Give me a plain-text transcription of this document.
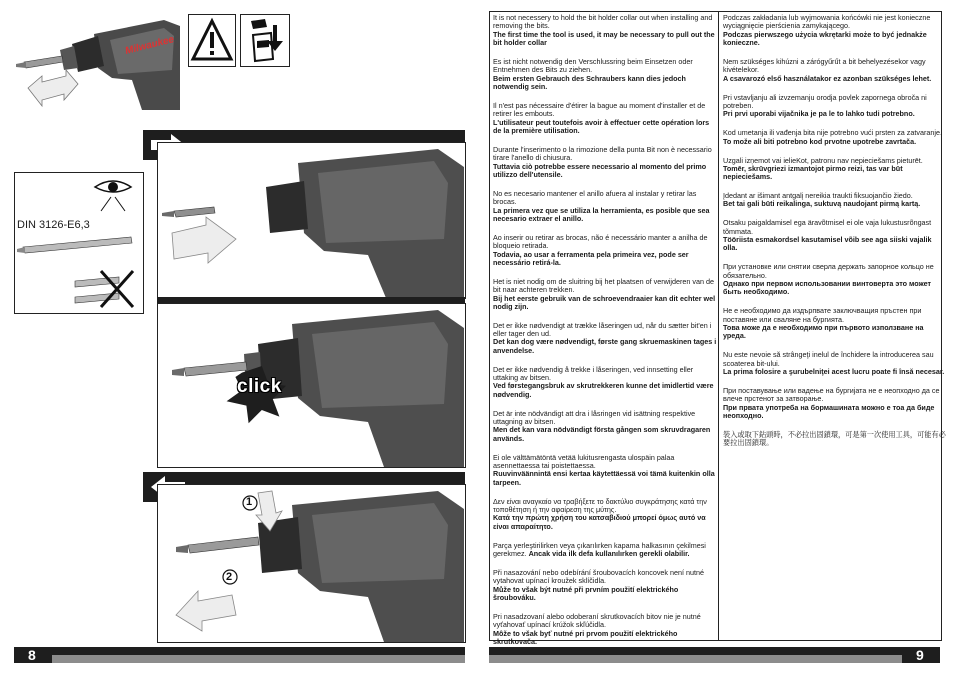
Milwaukee
DIN 3126-E6,3
click
1
2
8

It is not necessery to hold the bit holder collar out when installing and removing the bits.
The first time the tool is used, it may be necessary to pull out the bit holder collar

Es ist nicht notwendig den Verschlussring beim Einsetzen oder Entnehmen des Bits zu ziehen.
Beim ersten Gebrauch des Schraubers kann dies jedoch notwendig sein.

Il n'est pas nécessaire d'étirer la bague au moment d'installer et de retirer les embouts.
L'utilisateur peut toutefois avoir à effectuer cette opération lors de la première utilisation.

Durante l'inserimento o la rimozione della punta Bit non è necessario tirare l'anello di chiusura.
Tuttavia ciò potrebbe essere necessario al momento del primo utilizzo dell'utensile.

No es necesario mantener el anillo afuera al instalar y retirar las brocas.
La primera vez que se utiliza la herramienta, es posible que sea necesario extraer el anillo.

Ao inserir ou retirar as brocas, não é necessário manter a anilha de bloqueio retirada.
Todavia, ao usar a ferramenta pela primeira vez, pode ser necessário retirá-la.

Het is niet nodig om de sluitring bij het plaatsen of verwijderen van de bit naar achteren trekken.
Bij het eerste gebruik van de schroevendraaier kan dit echter wel nodig zijn.

Det er ikke nødvendigt at trække låseringen ud, når du sætter bit'en i eller tager den ud.
Det kan dog være nødvendigt, første gang skruemaskinen tages i anvendelse.

Det er ikke nødvendig å trekke i låseringen, ved innsetting eller uttaking av bitsen.
Ved førstegangsbruk av skrutrekkeren kunne det imidlertid være nødvendig.

Det är inte nödvändigt att dra i låsringen vid isättning respektive uttagning av bitsen.
Men det kan vara nödvändigt första gången som skruvdragaren används.

Ei ole välttämätöntä vetää lukitusrengasta ulospäin palaa asennettaessa tai poistettaessa.
Ruuvinväännintä ensi kertaa käytettäessä voi tämä kuitenkin olla tarpeen.

Δεν είναι αναγκαίο να τραβήξετε το δακτύλιο συγκράτησης κατά την τοποθέτηση ή την αφαίρεση της μύτης.
Κατά την πρώτη χρήση του κατσαβιδιού μπορεί όμως αυτό να είναι απαραίτητο.

Parça yerleştirilirken veya çıkarılırken kapama halkasının çekilmesi gerekmez. Ancak vida ilk defa kullanılırken gerekli olabilir.

Při nasazování nebo odebírání šroubovacích koncovek není nutné vytahovat upínací kroužek sklíčidla.
Může to však být nutné při prvním použití elektrického šroubováku.

Pri nasadzovaní alebo odoberaní skrutkovacích bitov nie je nutné vyťahovať upínací krúžok skľúčidla.
Môže to však byť nutné pri prvom použití elektrického skrutkovača.

Podczas zakładania lub wyjmowania końcówki nie jest konieczne wyciągnięcie pierścienia zamykającego.
Podczas pierwszego użycia wkrętarki może to być jednakże konieczne.

Nem szükséges kihúzni a zárógyűrűt a bit behelyezésekor vagy kivételekor.
A csavarozó első használatakor ez azonban szükséges lehet.

Pri vstavljanju ali izvzemanju orodja povlek zapornega obroča ni potreben.
Pri prvi uporabi vijačnika je pa le to lahko tudi potrebno.

Kod umetanja ili vađenja bita nije potrebno vući prsten za zatvaranje.
To može ali biti potrebno kod prvotne upotrebe zavrtača.

Uzgali izņemot vai ielieKot, patronu nav nepieciešams pieturēt. Tomēr, skrūvgriezi izmantojot pirmo reizi, tas var būt nepieciešams.

Įdedant ar išimant antgalį nereikia traukti fiksuojančio žiedo.
Bet tai gali būti reikalinga, suktuvą naudojant pirmą kartą.

Otsaku paigaldamisel ega äravõtmisel ei ole vaja lukustusrõngast tõmmata.
Tööriista esmakordsel kasutamisel võib see aga siiski vajalik olla.

При установке или снятии сверла держать запорное кольцо не обязательно.
Однако при первом использовании винтоверта это может быть необходимо.

Не е необходимо да издърпвате заключващия пръстен при поставяне или сваляне на бургията.
Това може да е необходимо при първото използване на уреда.

Nu este nevoie să strângeţi inelul de închidere la introducerea sau scoaterea bit-ului.
La prima folosire a şurubelniţei acest lucru poate fi însă necesar.

При поставување или вадење на бургијата не е неопходно да се влече прстенот за затворање.
При првата употреба на бормашината можно е тоа да биде неопходно.

裝入或取下鉆頭時，不必拉出固鎖環，可是第一次使用工具，可能有必要拉出固鎖環。

9
